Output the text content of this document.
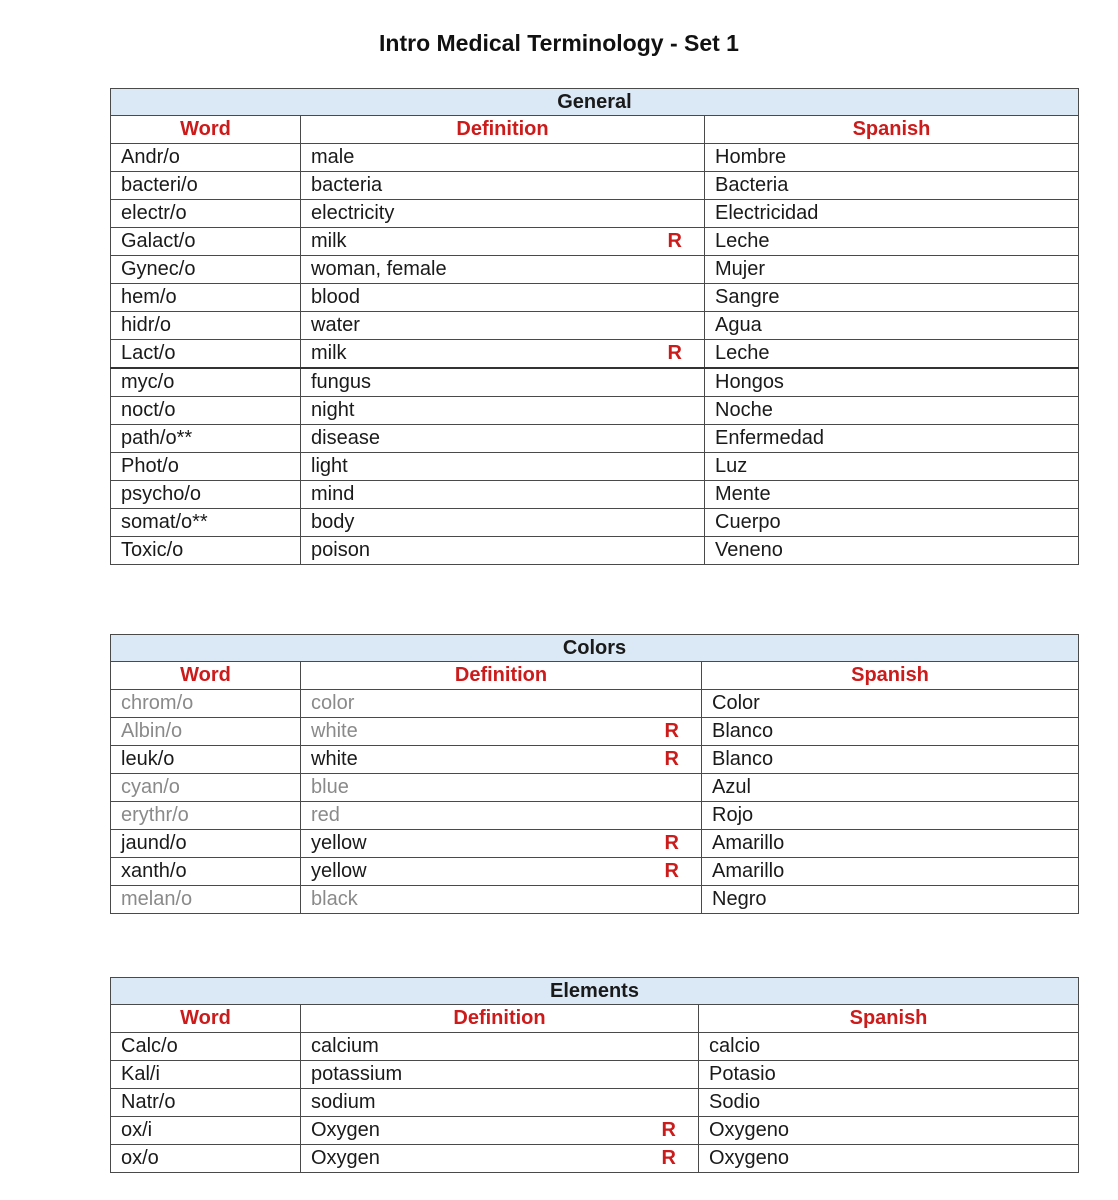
Intro Medical Terminology - Set 1
General		
Word	Definition	Spanish
Andr/o	male	Hombre
bacteri/o	bacteria	Bacteria
electr/o	electricity	Electricidad
Galact/o	milk R	Leche
Gynec/o	woman, female	Mujer
hem/o	blood	Sangre
hidr/o	water	Agua
Lact/o	milk R	Leche
myc/o	fungus	Hongos
noct/o	night	Noche
path/o**	disease	Enfermedad
Phot/o	light	Luz
psycho/o	mind	Mente
somat/o**	body	Cuerpo
Toxic/o	poison	Veneno
Colors		
Word	Definition	Spanish
chrom/o	color	Color
Albin/o	white R	Blanco
leuk/o	white R	Blanco
cyan/o	blue	Azul
erythr/o	red	Rojo
jaund/o	yellow R	Amarillo
xanth/o	yellow R	Amarillo
melan/o	black	Negro
Elements		
Word	Definition	Spanish
Calc/o	calcium	calcio
Kal/i	potassium	Potasio
Natr/o	sodium	Sodio
ox/i	Oxygen R	Oxygeno
ox/o	Oxygen R	Oxygeno
